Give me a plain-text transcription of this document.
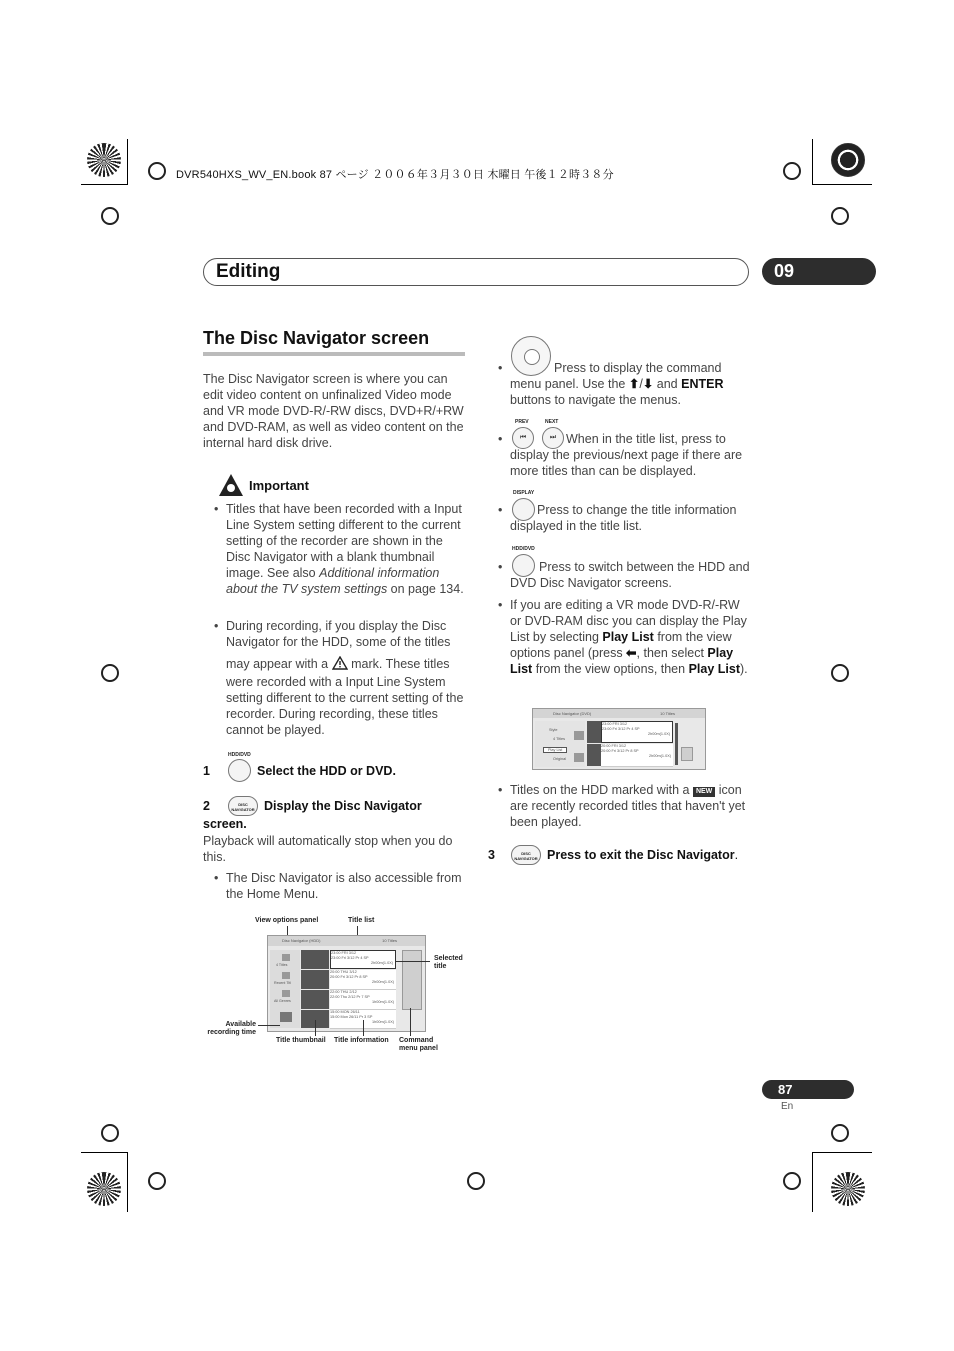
DVR540HXS_WV_EN.book 87 ページ ２００６年３月３０日 木曜日 午後１２時３８分
Editing	09
The Disc Navigator screen

The Disc Navigator screen is where you can edit video content on unfinalized Video mode and VR mode DVD-R/-RW discs, DVD+R/+RW and DVD-RAM, as well as video content on the internal hard disk drive.

Important
• Titles that have been recorded with a Input Line System setting different to the current setting of the recorder are shown in the Disc Navigator with a blank thumbnail image. See also Additional information about the TV system settings on page 134.
• During recording, if you display the Disc Navigator for the HDD, some of the titles
may appear with a mark. These titles were recorded with a Input Line System setting different to the current setting of the recorder. During recording, these titles cannot be played.
HDD/DVD
1	Select the HDD or DVD.
2	DISC NAVIGATOR Display the Disc Navigator
screen.

Playback will automatically stop when you do this.

• The Disc Navigator is also accessible from the Home Menu.
View options panel	Title list
Disc Navigator (HDD)	10 Titles
4 Titles
Recent Titl
All Genres
23:00 FRI 3/12
23:00 Fri 3/12 Pr 4 SP
2h00m(1.0X)
20:00 THU 3/12
20:00 Fri 3/12 Pr 8 SP
2h00m(1.0X)
22:00 THU 2/12
22:00 Thu 2/12 Pr 7 SP
1h00m(1.0X)
15:00 MON 26/11
15:00 Mon 26/11 Pr 3 SP
1h00m(1.0X)
Selected
title
Available
recording time
Title thumbnail Title information Command
menu panel
• Press to display the command menu panel. Use the ⬆/⬇ and ENTER buttons to navigate the menus.
PREV	NEXT
⏮	⏭
• When in the title list, press to display the previous/next page if there are more titles than can be displayed.
DISPLAY
• Press to change the title information displayed in the title list.
HDD/DVD
• Press to switch between the HDD and DVD Disc Navigator screens.
• If you are editing a VR mode DVD-R/-RW or DVD-RAM disc you can display the Play List by selecting Play List from the view options panel (press ⬅, then select Play List from the view options, then Play List).
Disc Navigator (DVD)	10 Titles
Style
4 Titles
Play List
Original
23:00 FRI 3/12
23:00 Fri 3/12 Pr 4 SP
2h00m(1.0X)
20:00 FRI 3/12
20:00 Fri 3/12 Pr 8 SP
2h00m(1.0X)
• Titles on the HDD marked with a NEW icon are recently recorded titles that haven't yet been played.
3	DISC NAVIGATOR Press to exit the Disc Navigator.
87
En
